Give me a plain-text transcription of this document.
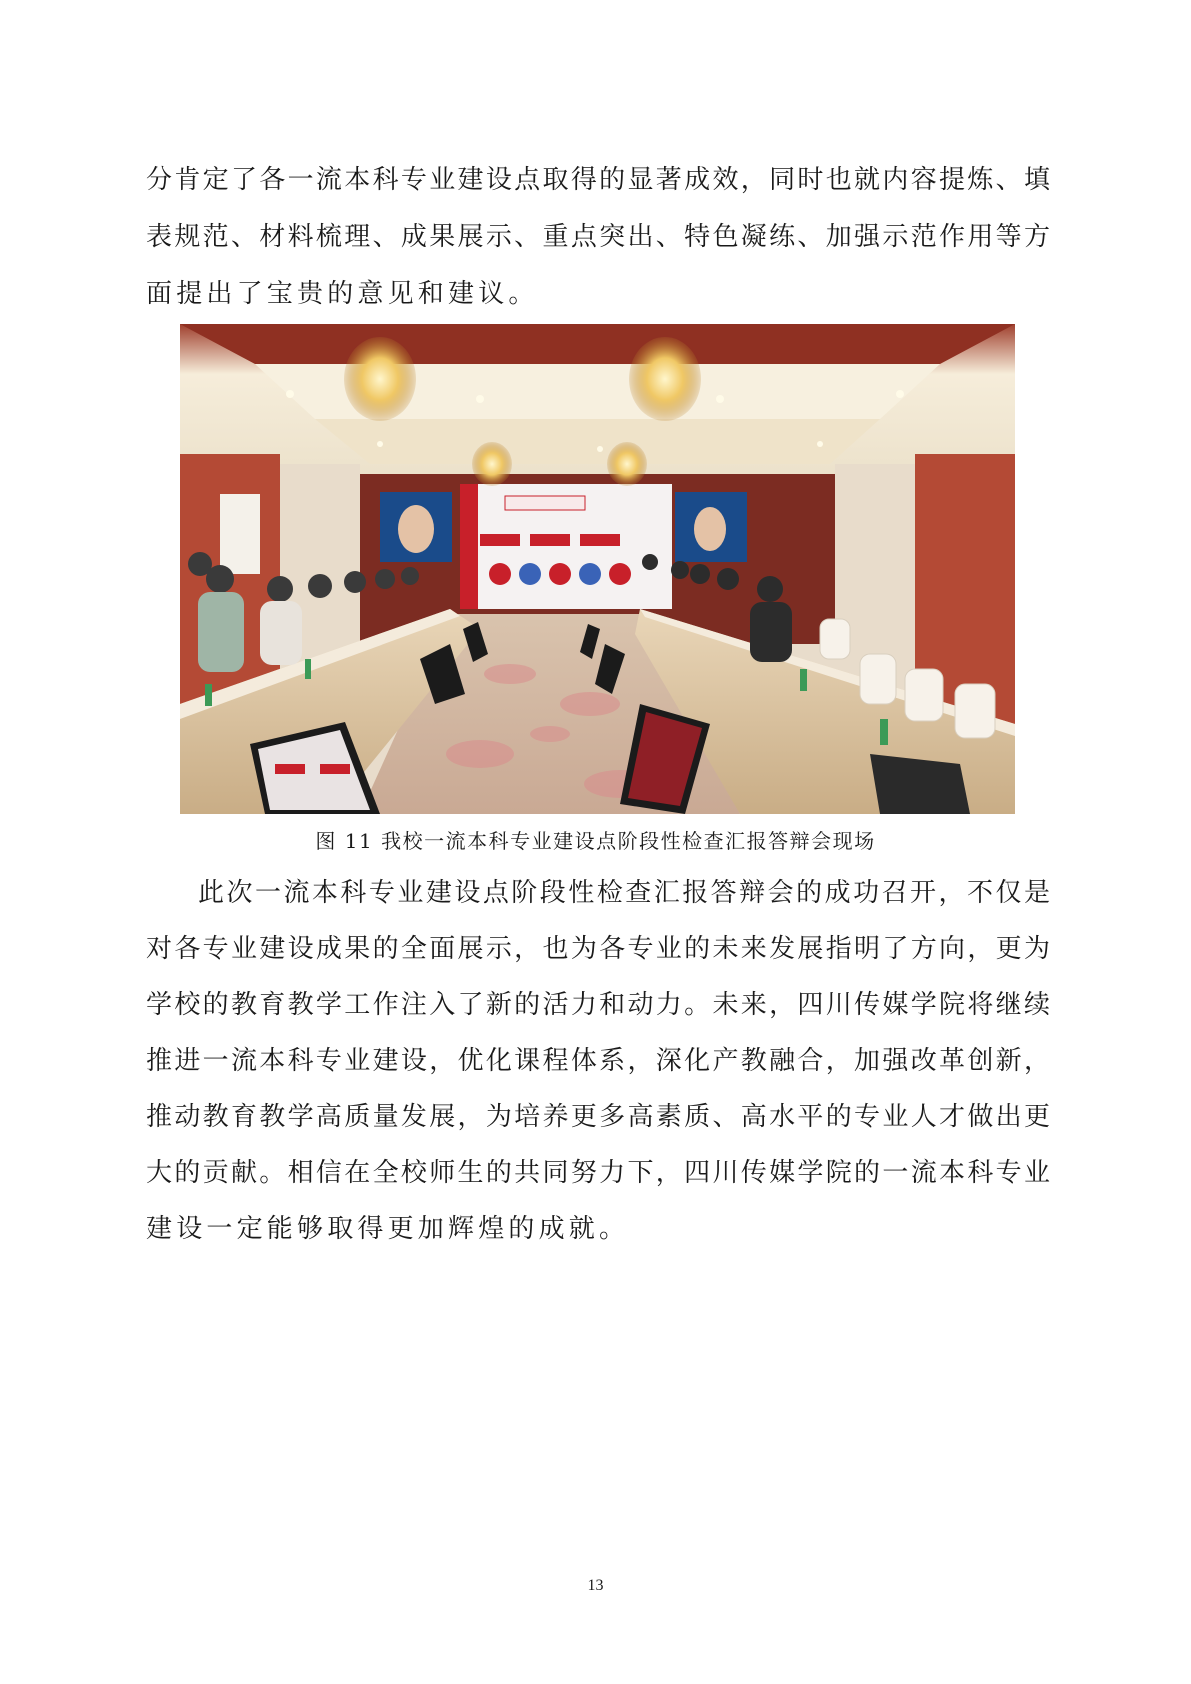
分肯定了各一流本科专业建设点取得的显著成效，同时也就内容提炼、填
表规范、材料梳理、成果展示、重点突出、特色凝练、加强示范作用等方
面提出了宝贵的意见和建议。
图 11 我校一流本科专业建设点阶段性检查汇报答辩会现场
此次一流本科专业建设点阶段性检查汇报答辩会的成功召开，不仅是
对各专业建设成果的全面展示，也为各专业的未来发展指明了方向，更为
学校的教育教学工作注入了新的活力和动力。未来，四川传媒学院将继续
推进一流本科专业建设，优化课程体系，深化产教融合，加强改革创新，
推动教育教学高质量发展，为培养更多高素质、高水平的专业人才做出更
大的贡献。相信在全校师生的共同努力下，四川传媒学院的一流本科专业
建设一定能够取得更加辉煌的成就。
13
